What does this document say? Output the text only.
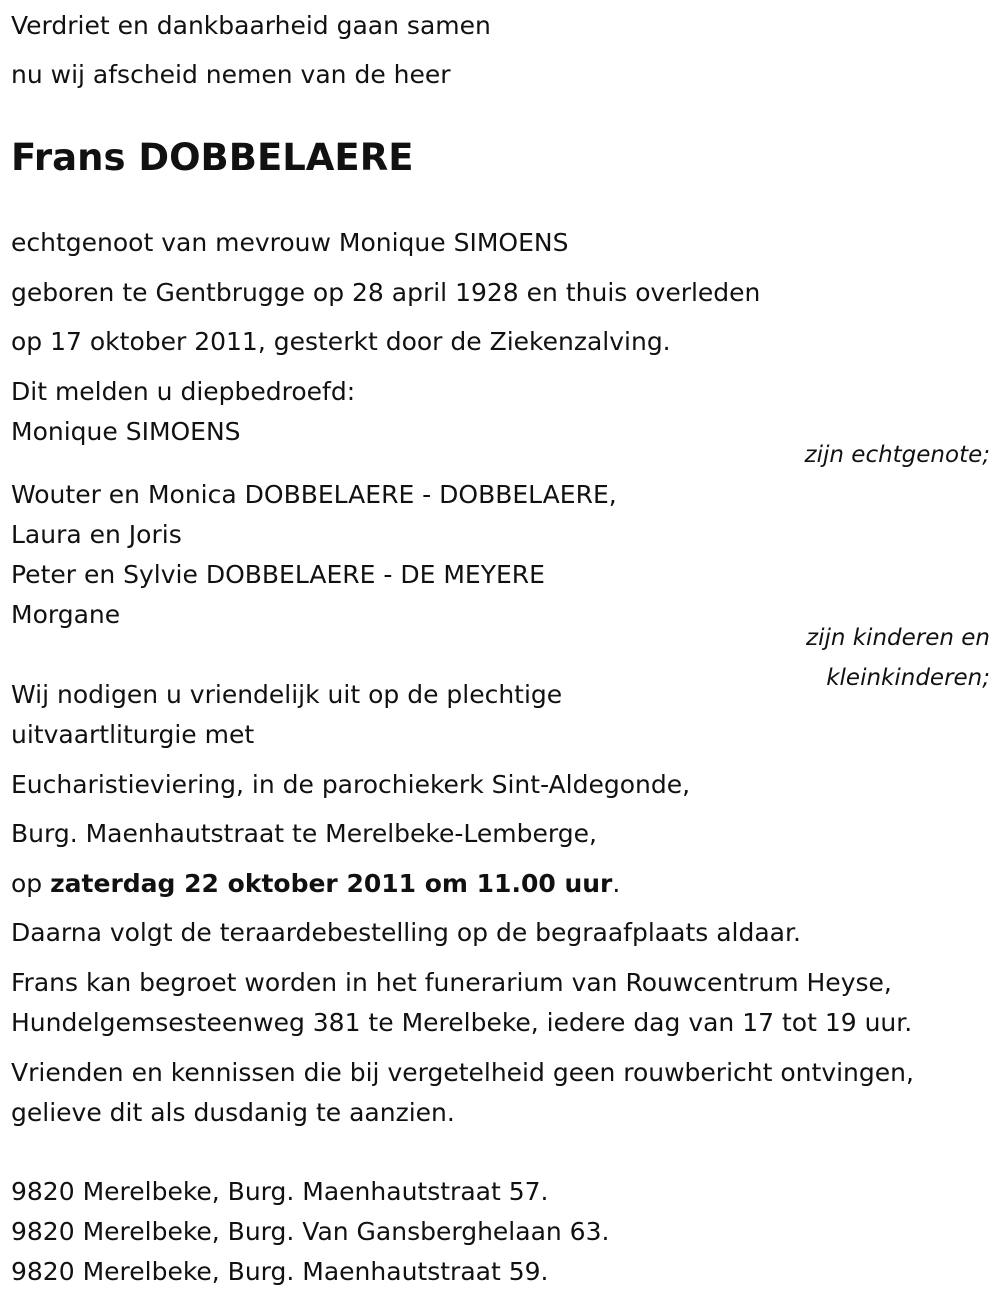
Verdriet en dankbaarheid gaan samen

nu wij afscheid nemen van de heer

Frans DOBBELAERE

echtgenoot van mevrouw Monique SIMOENS

geboren te Gentbrugge op 28 april 1928 en thuis overleden

op 17 oktober 2011, gesterkt door de Ziekenzalving.

Dit melden u diepbedroefd:

Monique SIMOENS

zijn echtgenote;

Wouter en Monica DOBBELAERE - DOBBELAERE,

Laura en Joris

Peter en Sylvie DOBBELAERE - DE MEYERE

Morgane

zijn kinderen en

kleinkinderen;

Wij nodigen u vriendelijk uit op de plechtige

uitvaartliturgie met

Eucharistieviering, in de parochiekerk Sint-Aldegonde,

Burg. Maenhautstraat te Merelbeke-Lemberge,

op zaterdag 22 oktober 2011 om 11.00 uur.

Daarna volgt de teraardebestelling op de begraafplaats aldaar.

Frans kan begroet worden in het funerarium van Rouwcentrum Heyse,

Hundelgemsesteenweg 381 te Merelbeke, iedere dag van 17 tot 19 uur.

Vrienden en kennissen die bij vergetelheid geen rouwbericht ontvingen,

gelieve dit als dusdanig te aanzien.

9820 Merelbeke, Burg. Maenhautstraat 57.

9820 Merelbeke, Burg. Van Gansberghelaan 63.

9820 Merelbeke, Burg. Maenhautstraat 59.
